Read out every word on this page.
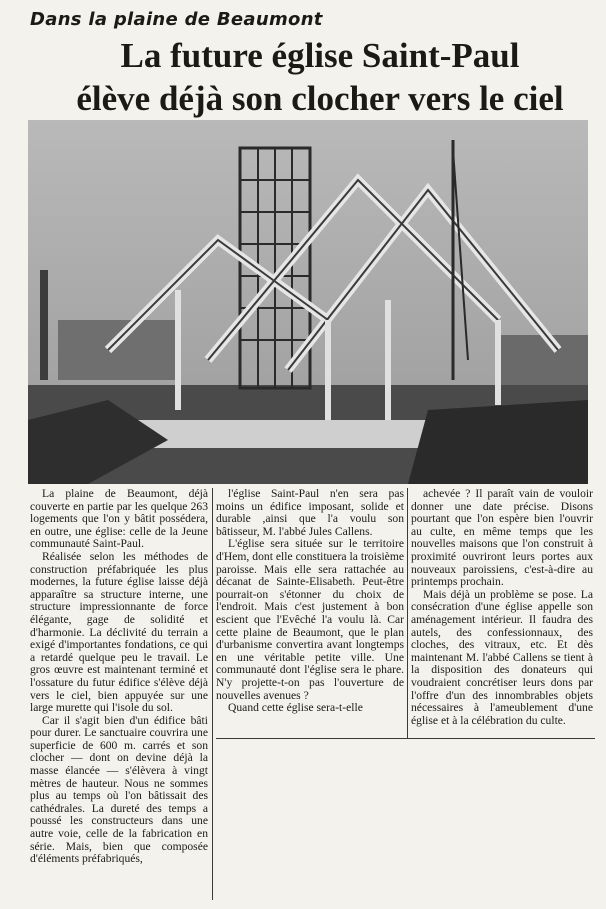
Dans la plaine de Beaumont
La future église Saint-Paul
élève déjà son clocher vers le ciel

La plaine de Beaumont, déjà couverte en partie par les quelque 263 logements que l'on y bâtit possédera, en outre, une église: celle de la Jeune communauté Saint-Paul.

Réalisée selon les méthodes de construction préfabriquée les plus modernes, la future église laisse déjà apparaître sa structure interne, une structure impressionnante de force élégante, gage de solidité et d'harmonie. La déclivité du terrain a exigé d'importantes fondations, ce qui a retardé quelque peu le travail. Le gros œuvre est maintenant terminé et l'ossature du futur édifice s'élève déjà vers le ciel, bien appuyée sur une large murette qui l'isole du sol.

Car il s'agit bien d'un édifice bâti pour durer. Le sanctuaire couvrira une superficie de 600 m. carrés et son clocher — dont on devine déjà la masse élancée — s'élèvera à vingt mètres de hauteur. Nous ne sommes plus au temps où l'on bâtissait des cathédrales. La dureté des temps a poussé les constructeurs dans une autre voie, celle de la fabrication en série. Mais, bien que composée d'éléments préfabriqués,

l'église Saint-Paul n'en sera pas moins un édifice imposant, solide et durable ,ainsi que l'a voulu son bâtisseur, M. l'abbé Jules Callens.

L'église sera située sur le territoire d'Hem, dont elle constituera la troisième paroisse. Mais elle sera rattachée au décanat de Sainte-Elisabeth. Peut-être pourrait-on s'étonner du choix de l'endroit. Mais c'est justement à bon escient que l'Evêché l'a voulu là. Car cette plaine de Beaumont, que le plan d'urbanisme convertira avant longtemps en une véritable petite ville. Une communauté dont l'église sera le phare. N'y projette-t-on pas l'ouverture de nouvelles avenues ?

Quand cette église sera-t-elle

achevée ? Il paraît vain de vouloir donner une date précise. Disons pourtant que l'on espère bien l'ouvrir au culte, en même temps que les nouvelles maisons que l'on construit à proximité ouvriront leurs portes aux nouveaux paroissiens, c'est-à-dire au printemps prochain.

Mais déjà un problème se pose. La consécration d'une église appelle son aménagement intérieur. Il faudra des autels, des confessionnaux, des cloches, des vitraux, etc. Et dès maintenant M. l'abbé Callens se tient à la disposition des donateurs qui voudraient concrétiser leurs dons par l'offre d'un des innombrables objets nécessaires à l'ameublement d'une église et à la célébration du culte.
